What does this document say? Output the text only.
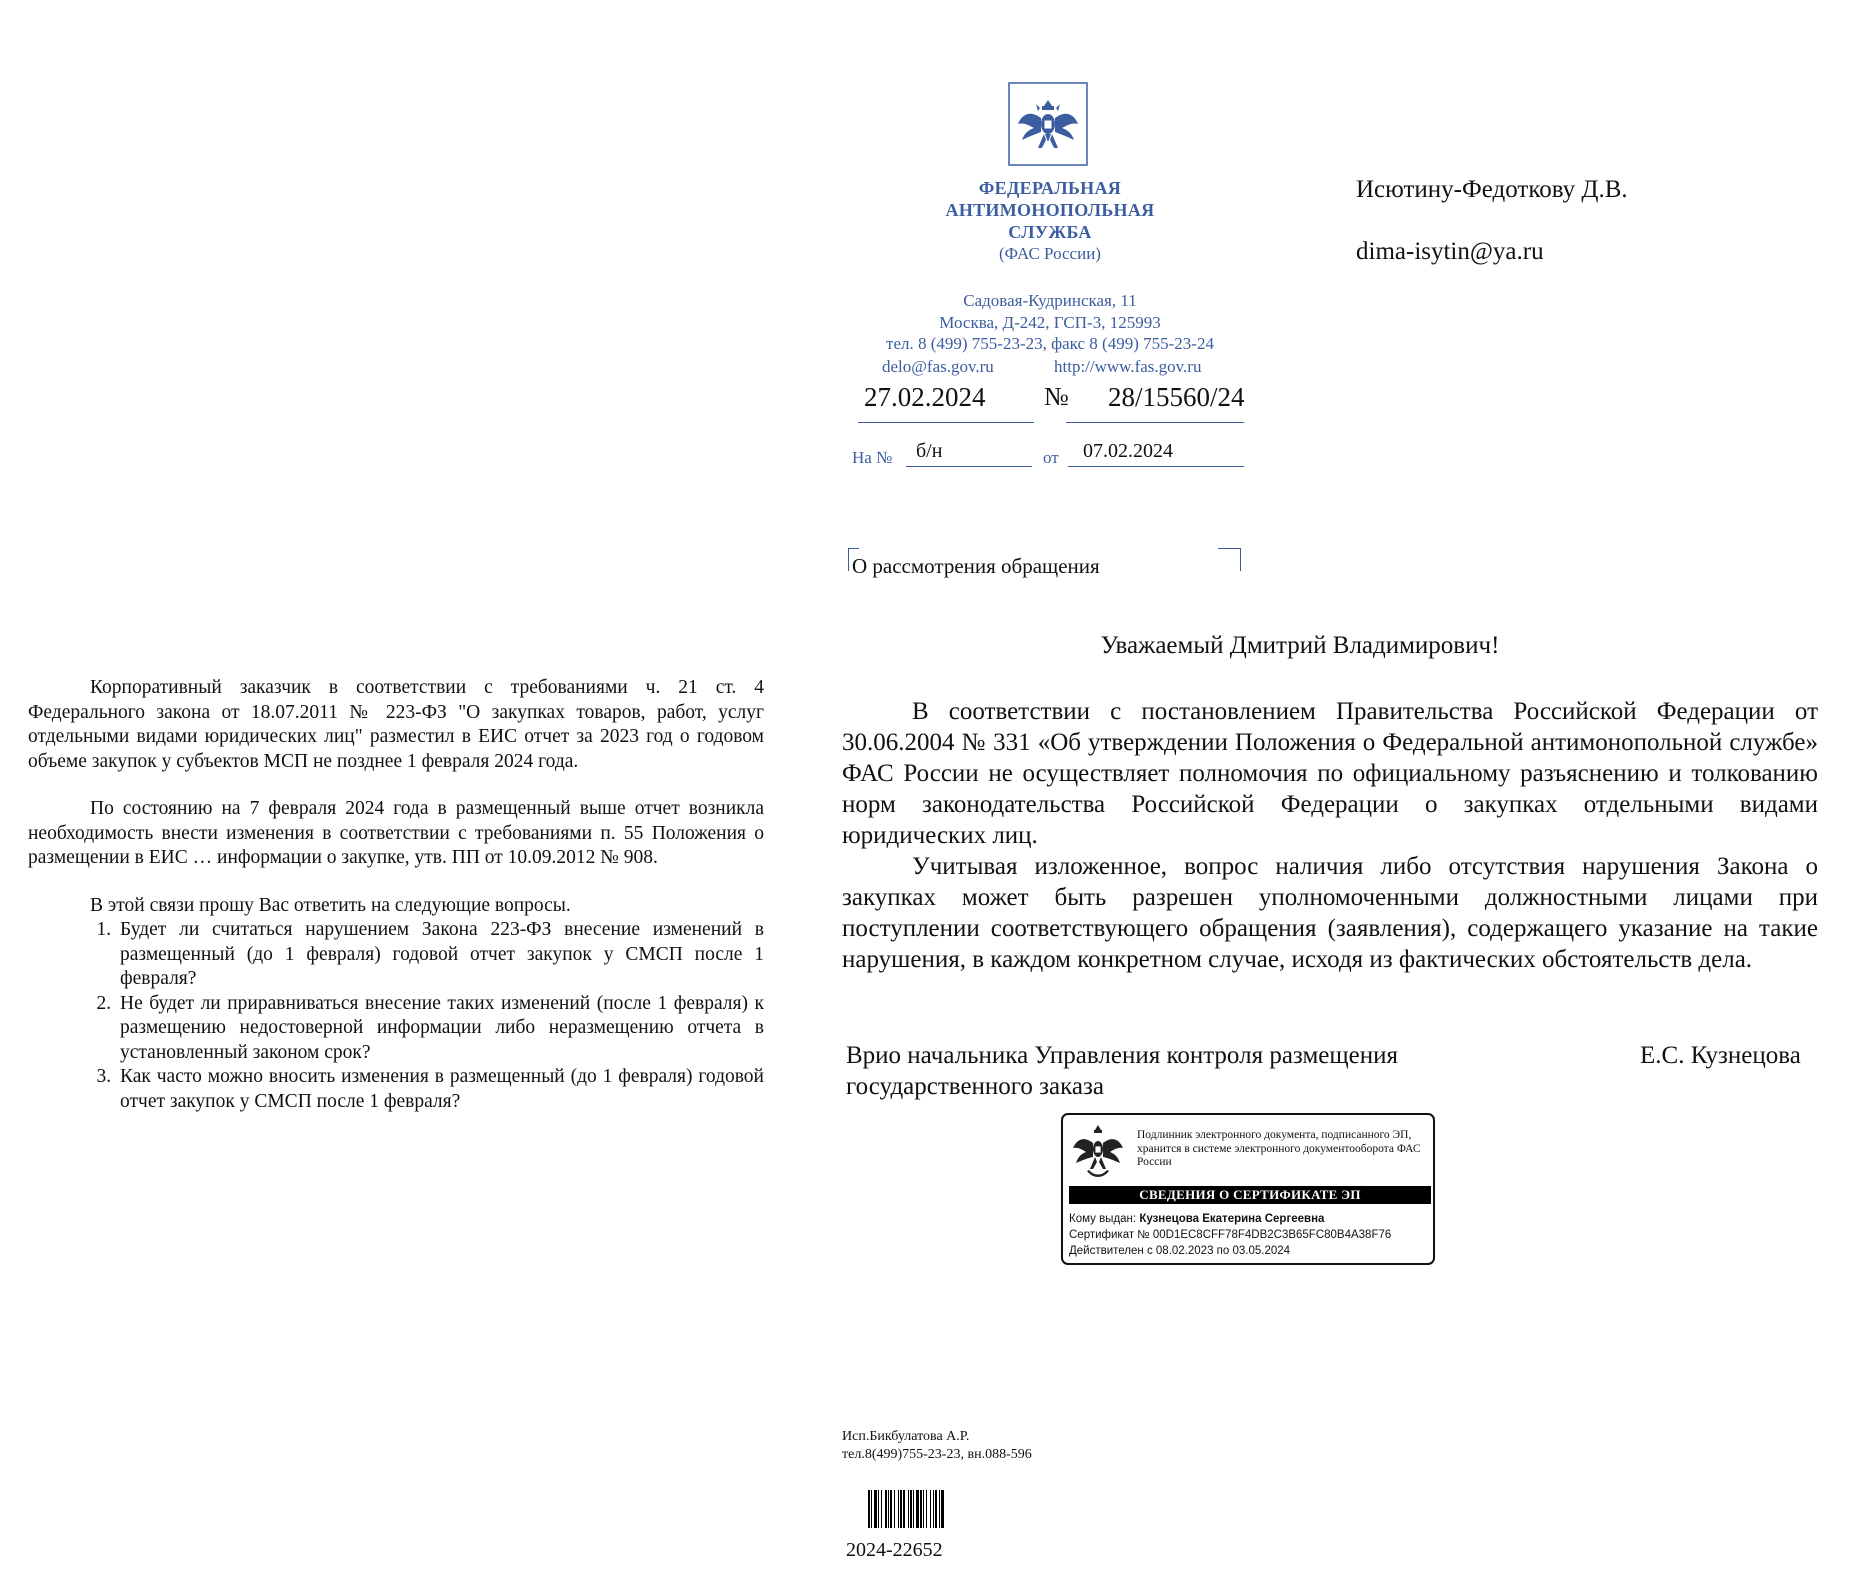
Корпоративный заказчик в соответствии с требованиями ч. 21 ст. 4 Федерального закона от 18.07.2011 № 223-ФЗ "О закупках товаров, работ, услуг отдельными видами юридических лиц" разместил в ЕИС отчет за 2023 год о годовом объеме закупок у субъектов МСП не позднее 1 февраля 2024 года.

По состоянию на 7 февраля 2024 года в размещенный выше отчет возникла необходимость внести изменения в соответствии с требованиями п. 55 Положения о размещении в ЕИС … информации о закупке, утв. ПП от 10.09.2012 № 908.

В этой связи прошу Вас ответить на следующие вопросы.
1. Будет ли считаться нарушением Закона 223-ФЗ внесение изменений в размещенный (до 1 февраля) годовой отчет закупок у СМСП после 1 февраля?
2. Не будет ли приравниваться внесение таких изменений (после 1 февраля) к размещению недостоверной информации либо неразмещению отчета в установленный законом срок?
3. Как часто можно вносить изменения в размещенный (до 1 февраля) годовой отчет закупок у СМСП после 1 февраля?
ФЕДЕРАЛЬНАЯ
АНТИМОНОПОЛЬНАЯ
СЛУЖБА
(ФАС России)
Садовая-Кудринская, 11
Москва, Д-242, ГСП-3, 125993
тел. 8 (499) 755-23-23, факс 8 (499) 755-23-24
delo@fas.gov.ru	http://www.fas.gov.ru
27.02.2024	№ 28/15560/24
На № б/н	от 07.02.2024
Исютину-Федоткову Д.В.
dima-isytin@ya.ru
О рассмотрения обращения
Уважаемый Дмитрий Владимирович!

В соответствии с постановлением Правительства Российской Федерации от 30.06.2004 № 331 «Об утверждении Положения о Федеральной антимонопольной службе» ФАС России не осуществляет полномочия по официальному разъяснению и толкованию норм законодательства Российской Федерации о закупках отдельными видами юридических лиц.

Учитывая изложенное, вопрос наличия либо отсутствия нарушения Закона о закупках может быть разрешен уполномоченными должностными лицами при поступлении соответствующего обращения (заявления), содержащего указание на такие нарушения, в каждом конкретном случае, исходя из фактических обстоятельств дела.

Врио начальника Управления контроля размещения
государственного заказа
Е.С. Кузнецова
Подлинник электронного документа, подписанного ЭП, хранится в системе электронного документооборота ФАС России
СВЕДЕНИЯ О СЕРТИФИКАТЕ ЭП
Кому выдан: Кузнецова Екатерина Сергеевна
Сертификат № 00D1EC8CFF78F4DB2C3B65FC80B4A38F76
Действителен с 08.02.2023 по 03.05.2024
Исп.Бикбулатова А.Р.
тел.8(499)755-23-23, вн.088-596
2024-22652
